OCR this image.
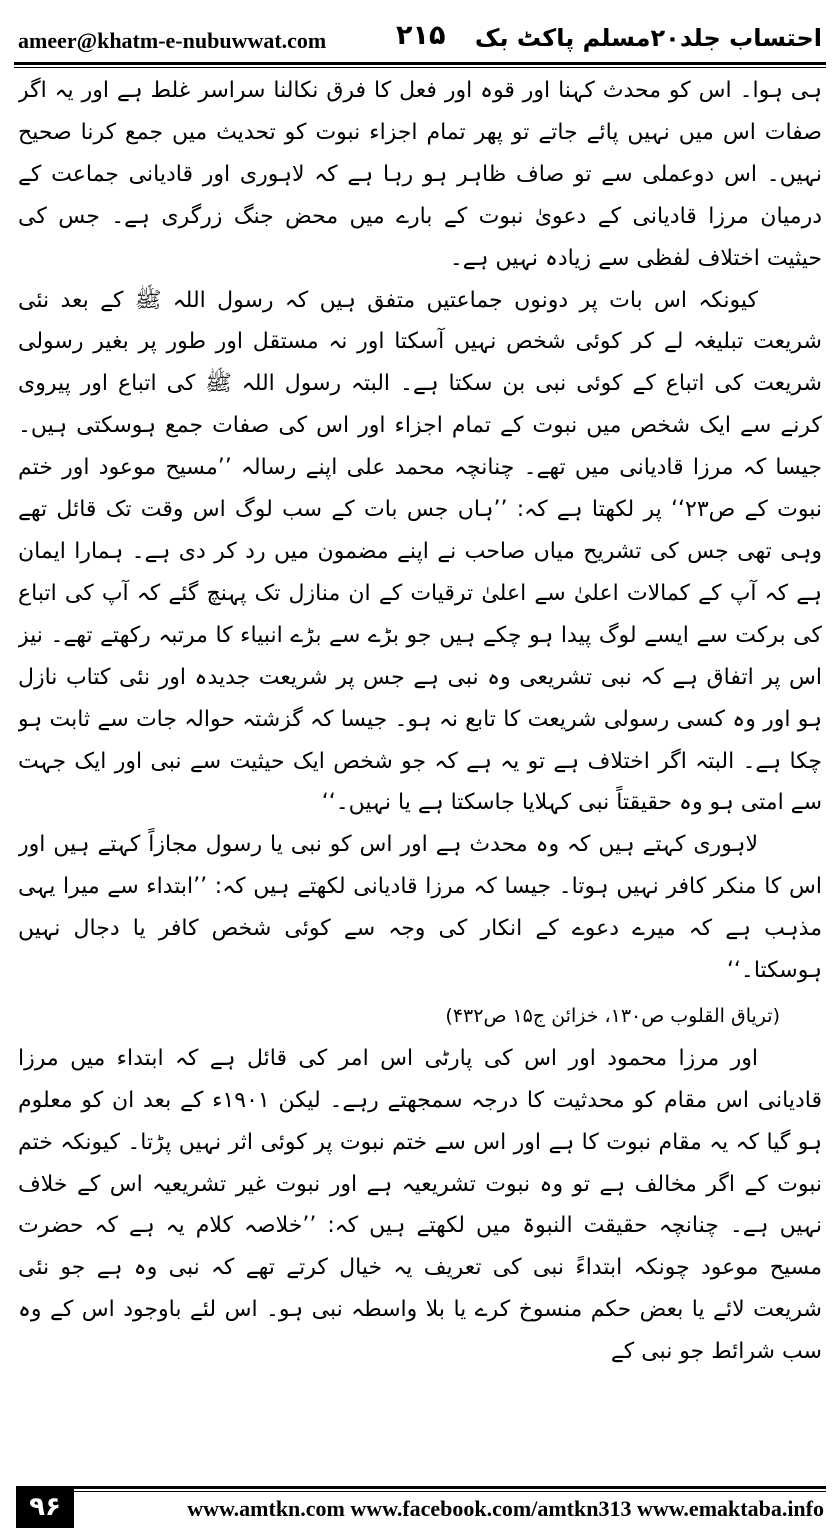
ameer@khatm-e-nubuwwat.com	۲۱۵ احتساب جلد۲۰مسلم پاکٹ بک

ہی ہوا۔ اس کو محدث کہنا اور قوہ اور فعل کا فرق نکالنا سراسر غلط ہے اور یہ اگر صفات اس میں نہیں پائے جاتے تو پھر تمام اجزاء نبوت کو تحدیث میں جمع کرنا صحیح نہیں۔ اس دوعملی سے تو صاف ظاہر ہو رہا ہے کہ لاہوری اور قادیانی جماعت کے درمیان مرزا قادیانی کے دعویٰ نبوت کے بارے میں محض جنگ زرگری ہے۔ جس کی حیثیت اختلاف لفظی سے زیادہ نہیں ہے۔

کیونکہ اس بات پر دونوں جماعتیں متفق ہیں کہ رسول اللہ ﷺ کے بعد نئی شریعت تبلیغہ لے کر کوئی شخص نہیں آسکتا اور نہ مستقل اور طور پر بغیر رسولی شریعت کی اتباع کے کوئی نبی بن سکتا ہے۔ البتہ رسول اللہ ﷺ کی اتباع اور پیروی کرنے سے ایک شخص میں نبوت کے تمام اجزاء اور اس کی صفات جمع ہوسکتی ہیں۔ جیسا کہ مرزا قادیانی میں تھے۔ چنانچہ محمد علی اپنے رسالہ ’’مسیح موعود اور ختم نبوت کے ص۲۳‘‘ پر لکھتا ہے کہ: ’’ہاں جس بات کے سب لوگ اس وقت تک قائل تھے وہی تھی جس کی تشریح میاں صاحب نے اپنے مضمون میں رد کر دی ہے۔ ہمارا ایمان ہے کہ آپ کے کمالات اعلیٰ سے اعلیٰ ترقیات کے ان منازل تک پہنچ گئے کہ آپ کی اتباع کی برکت سے ایسے لوگ پیدا ہو چکے ہیں جو بڑے سے بڑے انبیاء کا مرتبہ رکھتے تھے۔ نیز اس پر اتفاق ہے کہ نبی تشریعی وہ نبی ہے جس پر شریعت جدیدہ اور نئی کتاب نازل ہو اور وہ کسی رسولی شریعت کا تابع نہ ہو۔ جیسا کہ گزشتہ حوالہ جات سے ثابت ہو چکا ہے۔ البتہ اگر اختلاف ہے تو یہ ہے کہ جو شخص ایک حیثیت سے نبی اور ایک جہت سے امتی ہو وہ حقیقتاً نبی کہلایا جاسکتا ہے یا نہیں۔‘‘

لاہوری کہتے ہیں کہ وہ محدث ہے اور اس کو نبی یا رسول مجازاً کہتے ہیں اور اس کا منکر کافر نہیں ہوتا۔ جیسا کہ مرزا قادیانی لکھتے ہیں کہ: ’’ابتداء سے میرا یہی مذہب ہے کہ میرے دعوے کے انکار کی وجہ سے کوئی شخص کافر یا دجال نہیں ہوسکتا۔‘‘

(تریاق القلوب ص۱۳۰، خزائن ج۱۵ ص۴۳۲)

اور مرزا محمود اور اس کی پارٹی اس امر کی قائل ہے کہ ابتداء میں مرزا قادیانی اس مقام کو محدثیت کا درجہ سمجھتے رہے۔ لیکن ۱۹۰۱ء کے بعد ان کو معلوم ہو گیا کہ یہ مقام نبوت کا ہے اور اس سے ختم نبوت پر کوئی اثر نہیں پڑتا۔ کیونکہ ختم نبوت کے اگر مخالف ہے تو وہ نبوت تشریعیہ ہے اور نبوت غیر تشریعیہ اس کے خلاف نہیں ہے۔ چنانچہ حقیقت النبوۃ میں لکھتے ہیں کہ: ’’خلاصہ کلام یہ ہے کہ حضرت مسیح موعود چونکہ ابتداءً نبی کی تعریف یہ خیال کرتے تھے کہ نبی وہ ہے جو نئی شریعت لائے یا بعض حکم منسوخ کرے یا بلا واسطہ نبی ہو۔ اس لئے باوجود اس کے وہ سب شرائط جو نبی کے

۹۶	www.amtkn.com www.facebook.com/amtkn313 www.emaktaba.info
